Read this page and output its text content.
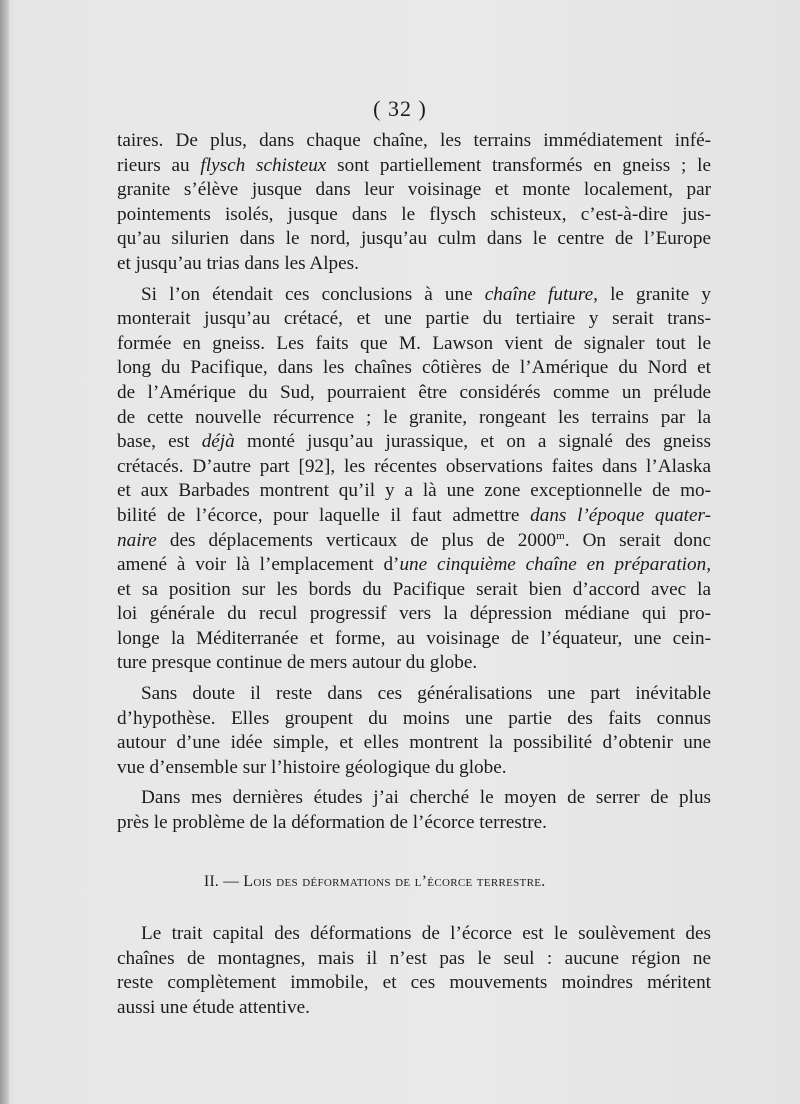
( 32 )
taires. De plus, dans chaque chaîne, les terrains immédiatement infé-
rieurs au flysch schisteux sont partiellement transformés en gneiss ; le
granite s’élève jusque dans leur voisinage et monte localement, par
pointements isolés, jusque dans le flysch schisteux, c’est-à-dire jus-
qu’au silurien dans le nord, jusqu’au culm dans le centre de l’Europe
et jusqu’au trias dans les Alpes.
Si l’on étendait ces conclusions à une chaîne future, le granite y
monterait jusqu’au crétacé, et une partie du tertiaire y serait trans-
formée en gneiss. Les faits que M. Lawson vient de signaler tout le
long du Pacifique, dans les chaînes côtières de l’Amérique du Nord et
de l’Amérique du Sud, pourraient être considérés comme un prélude
de cette nouvelle récurrence ; le granite, rongeant les terrains par la
base, est déjà monté jusqu’au jurassique, et on a signalé des gneiss
crétacés. D’autre part [92], les récentes observations faites dans l’Alaska
et aux Barbades montrent qu’il y a là une zone exceptionnelle de mo-
bilité de l’écorce, pour laquelle il faut admettre dans l’époque quater-
naire des déplacements verticaux de plus de 2000$^m$. On serait donc
amené à voir là l’emplacement d’une cinquième chaîne en préparation,
et sa position sur les bords du Pacifique serait bien d’accord avec la
loi générale du recul progressif vers la dépression médiane qui pro-
longe la Méditerranée et forme, au voisinage de l’équateur, une cein-
ture presque continue de mers autour du globe.
Sans doute il reste dans ces généralisations une part inévitable
d’hypothèse. Elles groupent du moins une partie des faits connus
autour d’une idée simple, et elles montrent la possibilité d’obtenir une
vue d’ensemble sur l’histoire géologique du globe.
Dans mes dernières études j’ai cherché le moyen de serrer de plus
près le problème de la déformation de l’écorce terrestre.
II. — Lois des déformations de l’écorce terrestre.
Le trait capital des déformations de l’écorce est le soulèvement des
chaînes de montagnes, mais il n’est pas le seul : aucune région ne
reste complètement immobile, et ces mouvements moindres méritent
aussi une étude attentive.
